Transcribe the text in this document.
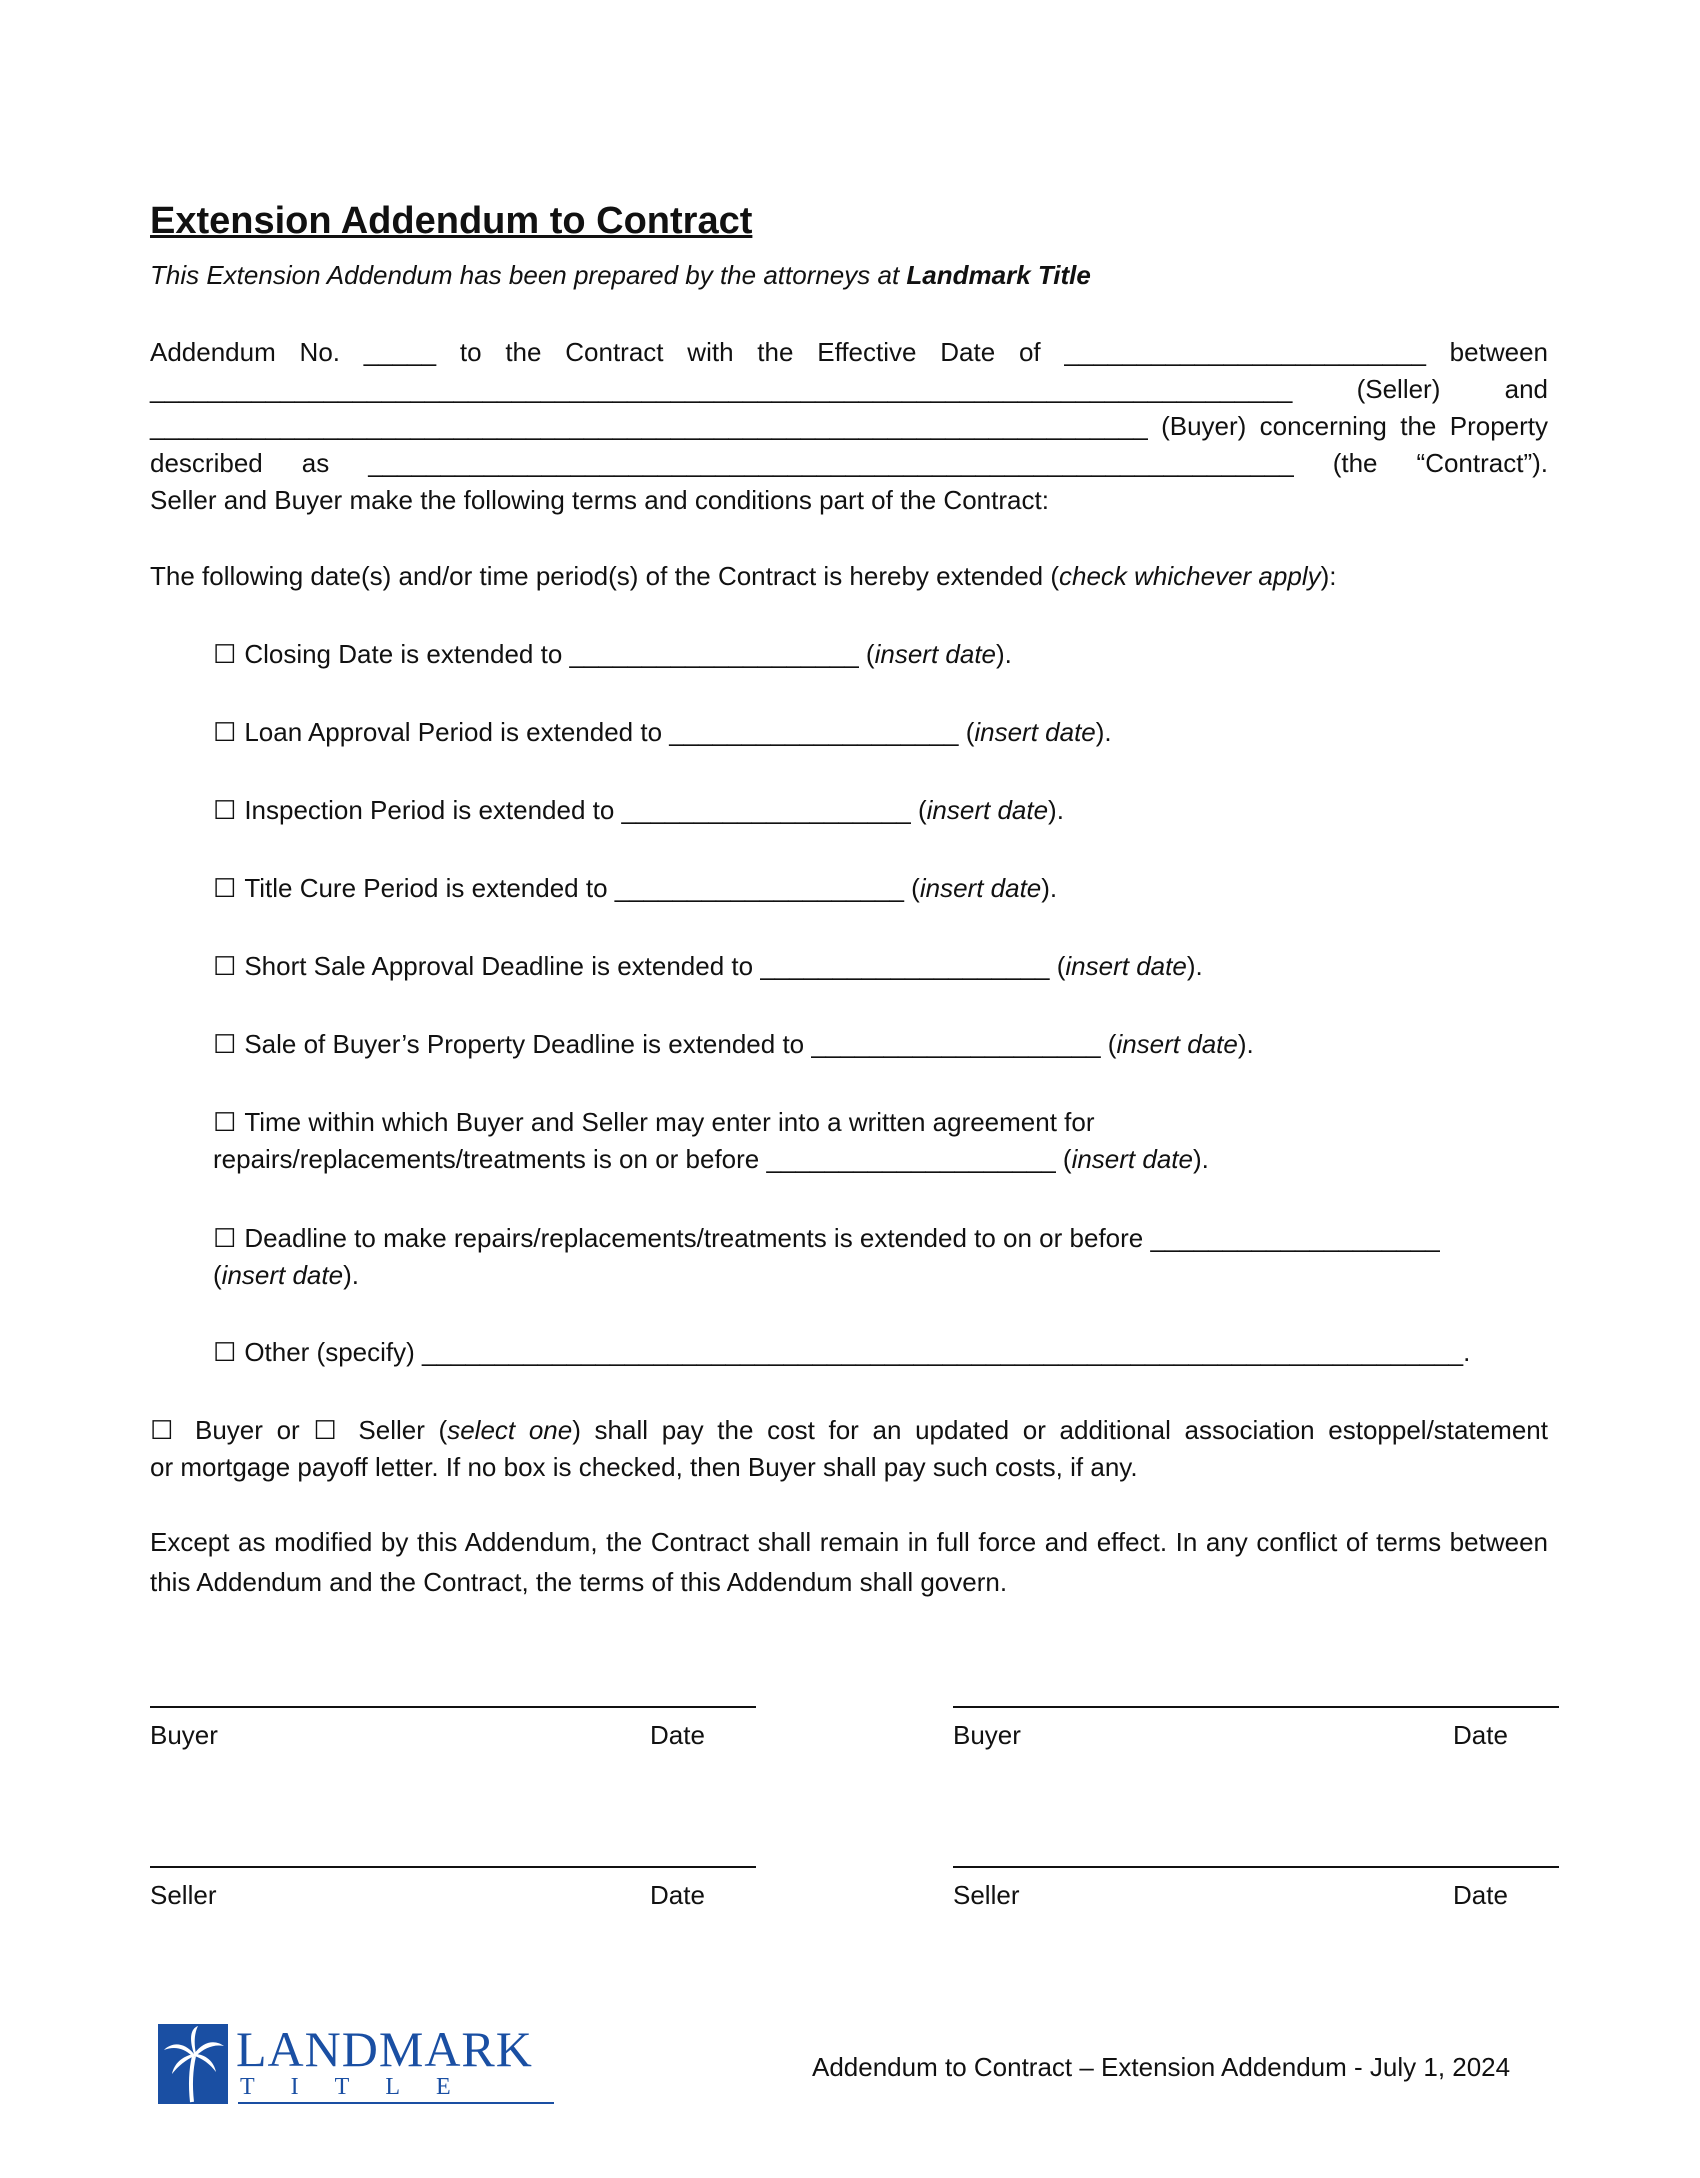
Extension Addendum to Contract
This Extension Addendum has been prepared by the attorneys at Landmark Title
Addendum No. _____ to the Contract with the Effective Date of _________________________ between
_______________________________________________________________________________ (Seller) and
_____________________________________________________________________ (Buyer) concerning the Property
described as ________________________________________________________________ (the “Contract”).
Seller and Buyer make the following terms and conditions part of the Contract:
The following date(s) and/or time period(s) of the Contract is hereby extended (check whichever apply):
☐ Closing Date is extended to ____________________ (insert date).
☐ Loan Approval Period is extended to ____________________ (insert date).
☐ Inspection Period is extended to ____________________ (insert date).
☐ Title Cure Period is extended to ____________________ (insert date).
☐ Short Sale Approval Deadline is extended to ____________________ (insert date).
☐ Sale of Buyer’s Property Deadline is extended to ____________________ (insert date).
☐ Time within which Buyer and Seller may enter into a written agreement for
repairs/replacements/treatments is on or before ____________________ (insert date).
☐ Deadline to make repairs/replacements/treatments is extended to on or before ____________________
(insert date).
☐ Other (specify) ________________________________________________________________________.
☐ Buyer or ☐ Seller (select one) shall pay the cost for an updated or additional association estoppel/statement
or mortgage payoff letter. If no box is checked, then Buyer shall pay such costs, if any.
Except as modified by this Addendum, the Contract shall remain in full force and effect. In any conflict of terms between this Addendum and the Contract, the terms of this Addendum shall govern.
Buyer	Date	Buyer	Date
Seller	Date	Seller	Date
Addendum to Contract – Extension Addendum - July 1, 2024
LANDMARK
TITLE
